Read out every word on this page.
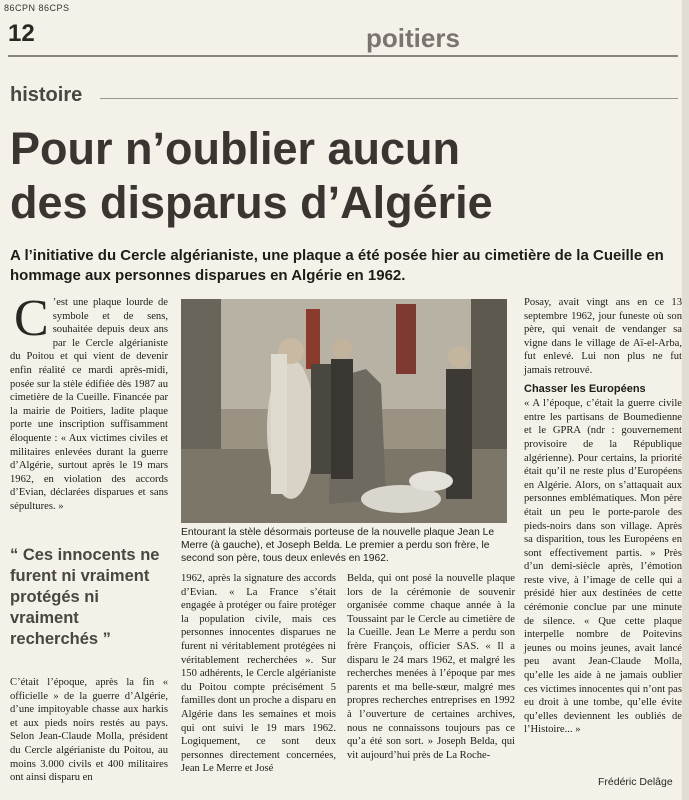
86CPN 86CPS
12	poitiers
histoire
Pour n’oublier aucun
des disparus d’Algérie
A l’initiative du Cercle algérianiste, une plaque a été posée hier au cimetière de la Cueille en hommage aux personnes disparues en Algérie en 1962.

C ’est une plaque lourde de symbole et de sens, souhaitée depuis deux ans par le Cercle algérianiste du Poitou et qui vient de devenir enfin réalité ce mardi après-midi, posée sur la stèle édifiée dès 1987 au cimetière de la Cueille. Financée par la mairie de Poitiers, ladite plaque porte une inscription suffisamment éloquente : « Aux victimes civiles et militaires enlevées durant la guerre d’Algérie, surtout après le 19 mars 1962, en violation des accords d’Evian, déclarées disparues et sans sépultures. »

“ Ces innocents ne furent ni vraiment protégés ni vraiment recherchés ”

C’était l’époque, après la fin « officielle » de la guerre d’Algérie, d’une impitoyable chasse aux harkis et aux pieds noirs restés au pays. Selon Jean-Claude Molla, président du Cercle algérianiste du Poitou, au moins 3.000 civils et 400 militaires ont ainsi disparu en

Entourant la stèle désormais porteuse de la nouvelle plaque Jean Le Merre (à gauche), et Joseph Belda. Le premier a perdu son frère, le second son père, tous deux enlevés en 1962.

1962, après la signature des accords d’Evian. « La France s’était engagée à protéger ou faire protéger la population civile, mais ces personnes innocentes disparues ne furent ni véritablement protégées ni véritablement recherchées ». Sur 150 adhérents, le Cercle algérianiste du Poitou compte précisément 5 familles dont un proche a disparu en Algérie dans les semaines et mois qui ont suivi le 19 mars 1962. Logiquement, ce sont deux personnes directement concernées, Jean Le Merre et José

Belda, qui ont posé la nouvelle plaque lors de la cérémonie de souvenir organisée comme chaque année à la Toussaint par le Cercle au cimetière de la Cueille. Jean Le Merre a perdu son frère François, officier SAS. « Il a disparu le 24 mars 1962, et malgré les recherches menées à l’époque par mes parents et ma belle-sœur, malgré mes propres recherches entreprises en 1992 à l’ouverture de certaines archives, nous ne connaissons toujours pas ce qu’a été son sort. » Joseph Belda, qui vit aujourd’hui près de La Roche-

Posay, avait vingt ans en ce 13 septembre 1962, jour funeste où son père, qui venait de vendanger sa vigne dans le village de Aï-el-Arba, fut enlevé. Lui non plus ne fut jamais retrouvé.

Chasser les Européens

« A l’époque, c’était la guerre civile entre les partisans de Boumedienne et le GPRA (ndr : gouvernement provisoire de la République algérienne). Pour certains, la priorité était qu’il ne reste plus d’Européens en Algérie. Alors, on s’attaquait aux personnes emblématiques. Mon père était un peu le porte-parole des pieds-noirs dans son village. Après sa disparition, tous les Européens en sont effectivement partis. » Près d’un demi-siècle après, l’émotion reste vive, à l’image de celle qui a présidé hier aux destinées de cette cérémonie conclue par une minute de silence. « Que cette plaque interpelle nombre de Poitevins jeunes ou moins jeunes, avait lancé peu avant Jean-Claude Molla, qu’elle les aide à ne jamais oublier ces victimes innocentes qui n’ont pas eu droit à une tombe, qu’elle évite qu’elles deviennent les oubliés de l’Histoire... »

Frédéric Delâge
